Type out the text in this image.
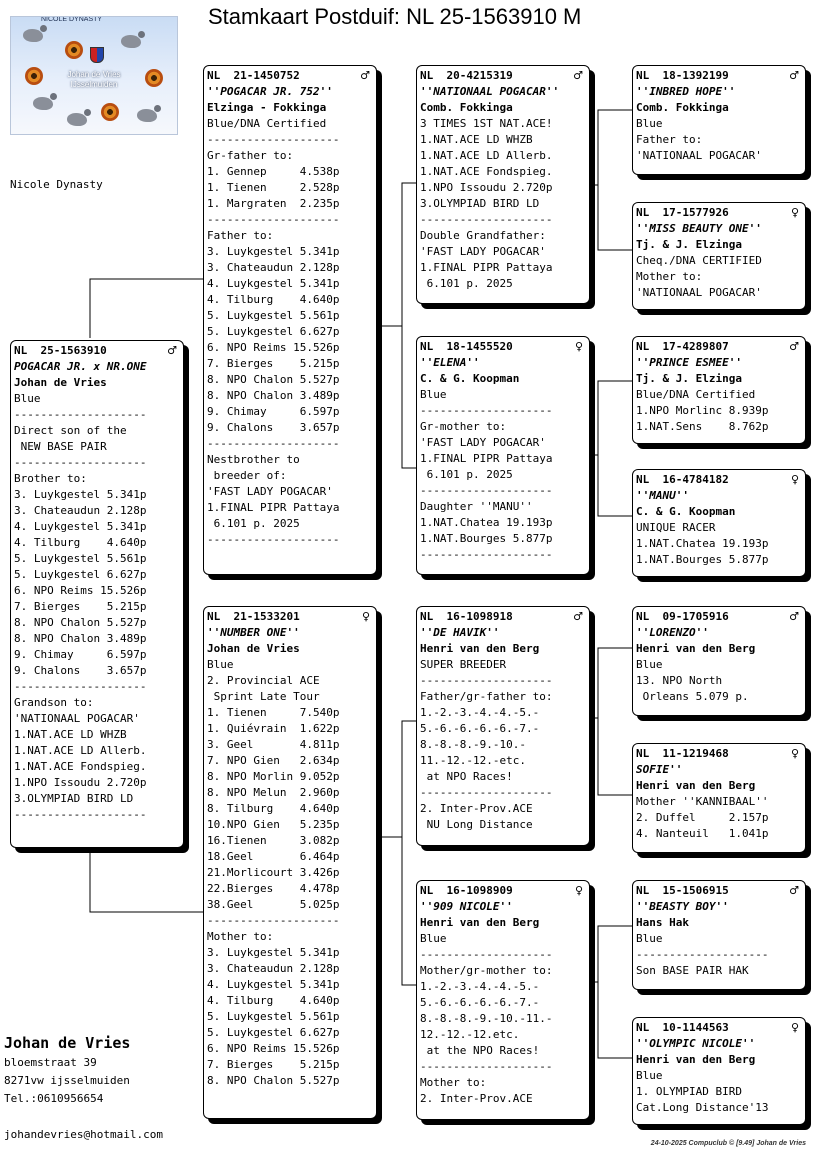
Stamkaart Postduif: NL 25-1563910 M
NICOLE DYNASTY
Johan de Vries
IJsselmuiden
Nicole Dynasty
NL  25-1563910	♂
POGACAR JR. x NR.ONE
Johan de Vries
Blue
--------------------
Direct son of the
NEW BASE PAIR
--------------------
Brother to:
3. Luykgestel 5.341p
3. Chateaudun 2.128p
4. Luykgestel 5.341p
4. Tilburg    4.640p
5. Luykgestel 5.561p
5. Luykgestel 6.627p
6. NPO Reims 15.526p
7. Bierges    5.215p
8. NPO Chalon 5.527p
8. NPO Chalon 3.489p
9. Chimay     6.597p
9. Chalons    3.657p
--------------------
Grandson to:
'NATIONAAL POGACAR'
1.NAT.ACE LD WHZB
1.NAT.ACE LD Allerb.
1.NAT.ACE Fondspieg.
1.NPO Issoudu 2.720p
3.OLYMPIAD BIRD LD
--------------------
NL  21-1450752	♂
''POGACAR JR. 752''
Elzinga - Fokkinga
Blue/DNA Certified
--------------------
Gr-father to:
1. Gennep     4.538p
1. Tienen     2.528p
1. Margraten  2.235p
--------------------
Father to:
3. Luykgestel 5.341p
3. Chateaudun 2.128p
4. Luykgestel 5.341p
4. Tilburg    4.640p
5. Luykgestel 5.561p
5. Luykgestel 6.627p
6. NPO Reims 15.526p
7. Bierges    5.215p
8. NPO Chalon 5.527p
8. NPO Chalon 3.489p
9. Chimay     6.597p
9. Chalons    3.657p
--------------------
Nestbrother to
breeder of:
'FAST LADY POGACAR'
1.FINAL PIPR Pattaya
6.101 p. 2025
--------------------
NL  21-1533201	♀
''NUMBER ONE''
Johan de Vries
Blue
2. Provincial ACE
Sprint Late Tour
1. Tienen     7.540p
1. Quiévrain  1.622p
3. Geel       4.811p
7. NPO Gien   2.634p
8. NPO Morlin 9.052p
8. NPO Melun  2.960p
8. Tilburg    4.640p
10.NPO Gien   5.235p
16.Tienen     3.082p
18.Geel       6.464p
21.Morlicourt 3.426p
22.Bierges    4.478p
38.Geel       5.025p
--------------------
Mother to:
3. Luykgestel 5.341p
3. Chateaudun 2.128p
4. Luykgestel 5.341p
4. Tilburg    4.640p
5. Luykgestel 5.561p
5. Luykgestel 6.627p
6. NPO Reims 15.526p
7. Bierges    5.215p
8. NPO Chalon 5.527p
NL  20-4215319	♂
''NATIONAAL POGACAR''
Comb. Fokkinga
3 TIMES 1ST NAT.ACE!
1.NAT.ACE LD WHZB
1.NAT.ACE LD Allerb.
1.NAT.ACE Fondspieg.
1.NPO Issoudu 2.720p
3.OLYMPIAD BIRD LD
--------------------
Double Grandfather:
'FAST LADY POGACAR'
1.FINAL PIPR Pattaya
6.101 p. 2025
NL  18-1455520	♀
''ELENA''
C. & G. Koopman
Blue
--------------------
Gr-mother to:
'FAST LADY POGACAR'
1.FINAL PIPR Pattaya
6.101 p. 2025
--------------------
Daughter ''MANU''
1.NAT.Chatea 19.193p
1.NAT.Bourges 5.877p
--------------------
NL  16-1098918	♂
''DE HAVIK''
Henri van den Berg
SUPER BREEDER
--------------------
Father/gr-father to:
1.-2.-3.-4.-4.-5.-
5.-6.-6.-6.-6.-7.-
8.-8.-8.-9.-10.-
11.-12.-12.-etc.
at NPO Races!
--------------------
2. Inter-Prov.ACE
NU Long Distance
NL  16-1098909	♀
''909 NICOLE''
Henri van den Berg
Blue
--------------------
Mother/gr-mother to:
1.-2.-3.-4.-4.-5.-
5.-6.-6.-6.-6.-7.-
8.-8.-8.-9.-10.-11.-
12.-12.-12.etc.
at the NPO Races!
--------------------
Mother to:
2. Inter-Prov.ACE
NL  18-1392199	♂
''INBRED HOPE''
Comb. Fokkinga
Blue
Father to:
'NATIONAAL POGACAR'
NL  17-1577926	♀
''MISS BEAUTY ONE''
Tj. & J. Elzinga
Cheq./DNA CERTIFIED
Mother to:
'NATIONAAL POGACAR'
NL  17-4289807	♂
''PRINCE ESMEE''
Tj. & J. Elzinga
Blue/DNA Certified
1.NPO Morlinc 8.939p
1.NAT.Sens    8.762p
NL  16-4784182	♀
''MANU''
C. & G. Koopman
UNIQUE RACER
1.NAT.Chatea 19.193p
1.NAT.Bourges 5.877p
NL  09-1705916	♂
''LORENZO''
Henri van den Berg
Blue
13. NPO North
Orleans 5.079 p.
NL  11-1219468	♀
SOFIE''
Henri van den Berg
Mother ''KANNIBAAL''
2. Duffel     2.157p
4. Nanteuil   1.041p
NL  15-1506915	♂
''BEASTY BOY''
Hans Hak
Blue
--------------------
Son BASE PAIR HAK
NL  10-1144563	♀
''OLYMPIC NICOLE''
Henri van den Berg
Blue
1. OLYMPIAD BIRD
Cat.Long Distance'13
Johan de Vries
bloemstraat 39
8271vw ijsselmuiden
Tel.:0610956654
johandevries@hotmail.com
24-10-2025 Compuclub © [9.49] Johan de Vries
